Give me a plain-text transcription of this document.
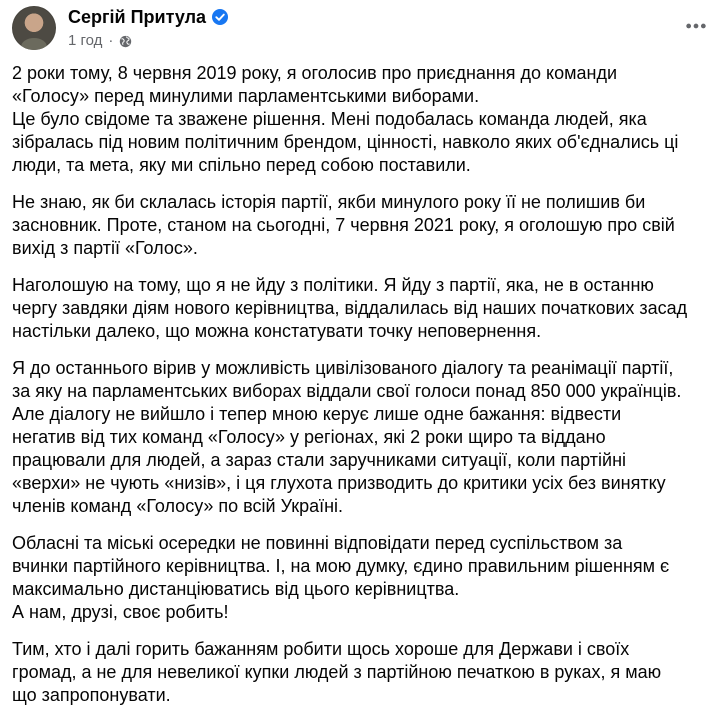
Сергій Притула
1 год ·

2 роки тому, 8 червня 2019 року, я оголосив про приєднання до команди
«Голосу» перед минулими парламентськими виборами.
Це було свідоме та зважене рішення. Мені подобалась команда людей, яка
зібралась під новим політичним брендом, цінності, навколо яких об'єднались ці
люди, та мета, яку ми спільно перед собою поставили.

Не знаю, як би склалась історія партії, якби минулого року її не полишив би
засновник. Проте, станом на сьогодні, 7 червня 2021 року, я оголошую про свій
вихід з партії «Голос».

Наголошую на тому, що я не йду з політики. Я йду з партії, яка, не в останню
чергу завдяки діям нового керівництва, віддалилась від наших початкових засад
настільки далеко, що можна констатувати точку неповернення.

Я до останнього вірив у можливість цивілізованого діалогу та реанімації партії,
за яку на парламентських виборах віддали свої голоси понад 850 000 українців.
Але діалогу не вийшло і тепер мною керує лише одне бажання: відвести
негатив від тих команд «Голосу» у регіонах, які 2 роки щиро та віддано
працювали для людей, а зараз стали заручниками ситуації, коли партійні
«верхи» не чують «низів», і ця глухота призводить до критики усіх без винятку
членів команд «Голосу» по всій Україні.

Обласні та міські осередки не повинні відповідати перед суспільством за
вчинки партійного керівництва. І, на мою думку, єдино правильним рішенням є
максимально дистанціюватись від цього керівництва.
А нам, друзі, своє робить!

Тим, хто і далі горить бажанням робити щось хороше для Держави і своїх
громад, а не для невеликої купки людей з партійною печаткою в руках, я маю
що запропонувати.
